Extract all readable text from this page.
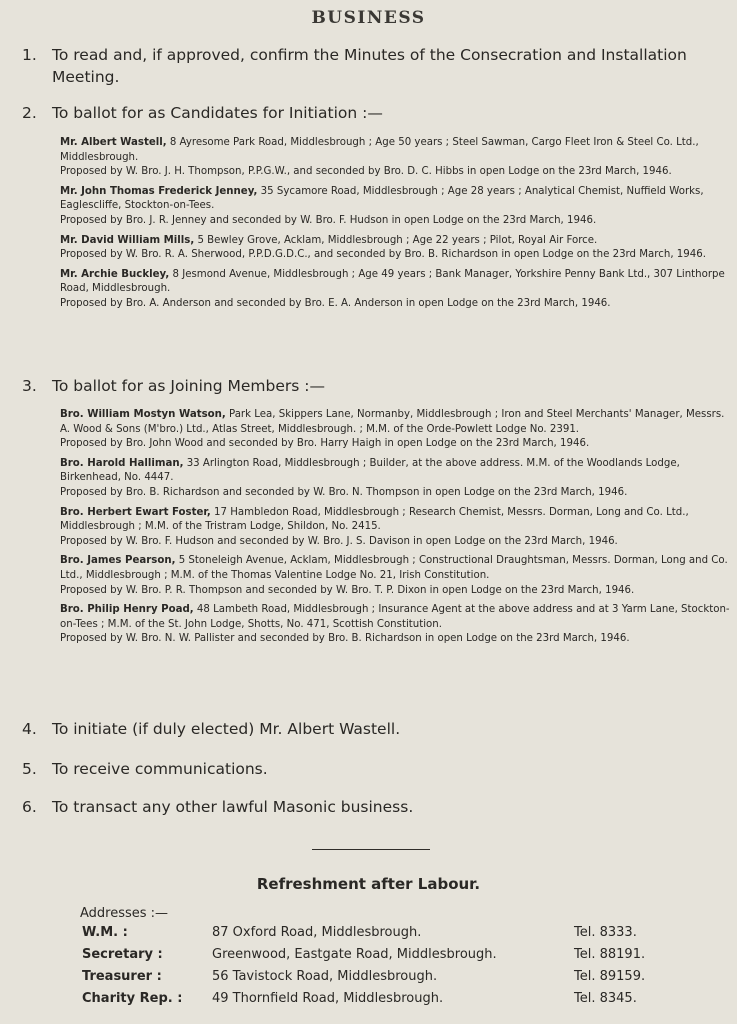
BUSINESS
1. To read and, if approved, confirm the Minutes of the Consecration and Installation Meeting.
2. To ballot for as Candidates for Initiation :—
Mr. Albert Wastell, 8 Ayresome Park Road, Middlesbrough ; Age 50 years ; Steel Sawman, Cargo Fleet Iron & Steel Co. Ltd., Middlesbrough.
Proposed by W. Bro. J. H. Thompson, P.P.G.W., and seconded by Bro. D. C. Hibbs in open Lodge on the 23rd March, 1946.
Mr. John Thomas Frederick Jenney, 35 Sycamore Road, Middlesbrough ; Age 28 years ; Analytical Chemist, Nuffield Works, Eaglescliffe, Stockton-on-Tees.
Proposed by Bro. J. R. Jenney and seconded by W. Bro. F. Hudson in open Lodge on the 23rd March, 1946.
Mr. David William Mills, 5 Bewley Grove, Acklam, Middlesbrough ; Age 22 years ; Pilot, Royal Air Force.
Proposed by W. Bro. R. A. Sherwood, P.P.D.G.D.C., and seconded by Bro. B. Richardson in open Lodge on the 23rd March, 1946.
Mr. Archie Buckley, 8 Jesmond Avenue, Middlesbrough ; Age 49 years ; Bank Manager, Yorkshire Penny Bank Ltd., 307 Linthorpe Road, Middlesbrough.
Proposed by Bro. A. Anderson and seconded by Bro. E. A. Anderson in open Lodge on the 23rd March, 1946.
3. To ballot for as Joining Members :—
Bro. William Mostyn Watson, Park Lea, Skippers Lane, Normanby, Middlesbrough ; Iron and Steel Merchants' Manager, Messrs. A. Wood & Sons (M'bro.) Ltd., Atlas Street, Middlesbrough. ; M.M. of the Orde-Powlett Lodge No. 2391.
Proposed by Bro. John Wood and seconded by Bro. Harry Haigh in open Lodge on the 23rd March, 1946.
Bro. Harold Halliman, 33 Arlington Road, Middlesbrough ; Builder, at the above address. M.M. of the Woodlands Lodge, Birkenhead, No. 4447.
Proposed by Bro. B. Richardson and seconded by W. Bro. N. Thompson in open Lodge on the 23rd March, 1946.
Bro. Herbert Ewart Foster, 17 Hambledon Road, Middlesbrough ; Research Chemist, Messrs. Dorman, Long and Co. Ltd., Middlesbrough ; M.M. of the Tristram Lodge, Shildon, No. 2415.
Proposed by W. Bro. F. Hudson and seconded by W. Bro. J. S. Davison in open Lodge on the 23rd March, 1946.
Bro. James Pearson, 5 Stoneleigh Avenue, Acklam, Middlesbrough ; Constructional Draughtsman, Messrs. Dorman, Long and Co. Ltd., Middlesbrough ; M.M. of the Thomas Valentine Lodge No. 21, Irish Constitution.
Proposed by W. Bro. P. R. Thompson and seconded by W. Bro. T. P. Dixon in open Lodge on the 23rd March, 1946.
Bro. Philip Henry Poad, 48 Lambeth Road, Middlesbrough ; Insurance Agent at the above address and at 3 Yarm Lane, Stockton-on-Tees ; M.M. of the St. John Lodge, Shotts, No. 471, Scottish Constitution.
Proposed by W. Bro. N. W. Pallister and seconded by Bro. B. Richardson in open Lodge on the 23rd March, 1946.
4. To initiate (if duly elected) Mr. Albert Wastell.
5. To receive communications.
6. To transact any other lawful Masonic business.
Refreshment after Labour.
Addresses :—
W.M. :	87 Oxford Road, Middlesbrough.	Tel. 8333.
Secretary :	Greenwood, Eastgate Road, Middlesbrough.	Tel. 88191.
Treasurer :	56 Tavistock Road, Middlesbrough.	Tel. 89159.
Charity Rep. : 49 Thornfield Road, Middlesbrough.	Tel. 8345.
